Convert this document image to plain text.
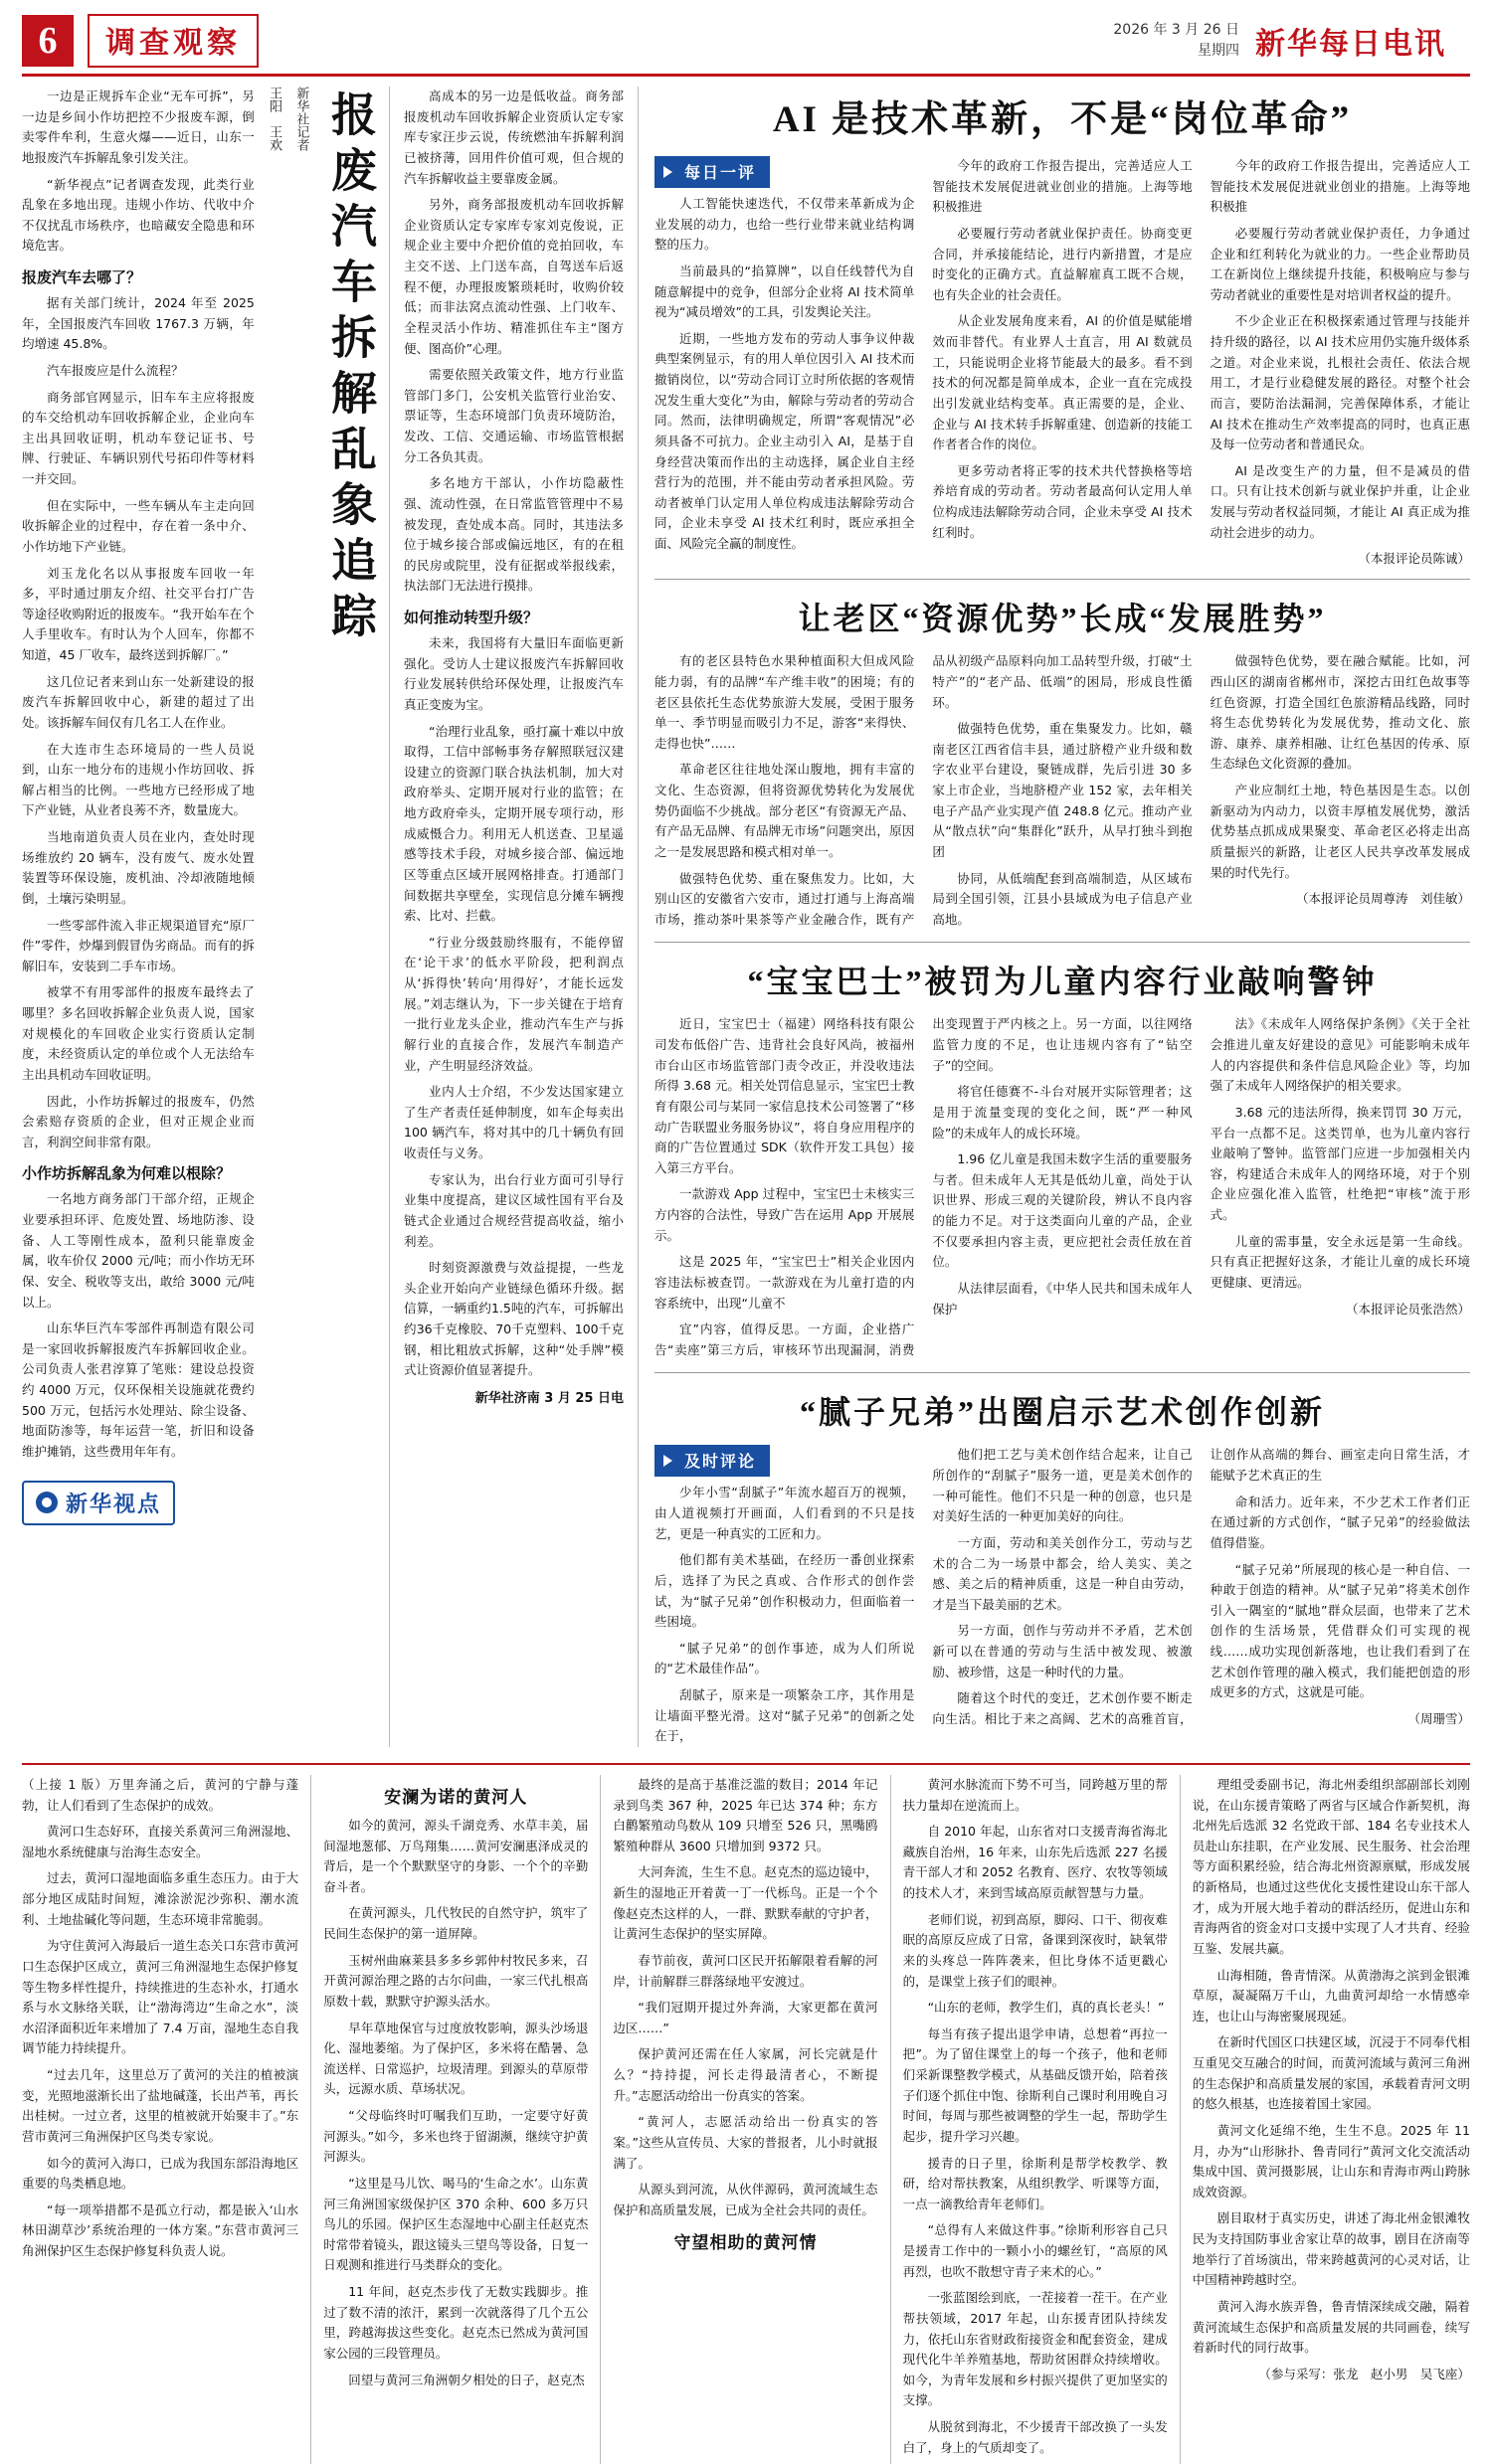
6	调查观察	2026 年 3 月 26 日
星期四 新华每日电讯

一边是正规拆车企业“无车可拆”，另一边是乡间小作坊把控不少报废车源，倒卖零件牟利，生意火爆——近日，山东一地报废汽车拆解乱象引发关注。

“新华视点”记者调查发现，此类行业乱象在多地出现。违规小作坊、代收中介不仅扰乱市场秩序，也暗藏安全隐患和环境危害。

报废汽车去哪了？

据有关部门统计，2024 年至 2025 年，全国报废汽车回收 1767.3 万辆，年均增速 45.8%。

汽车报废应是什么流程？

商务部官网显示，旧车车主应将报废的车交给机动车回收拆解企业，企业向车主出具回收证明，机动车登记证书、号牌、行驶证、车辆识别代号拓印件等材料一并交回。

但在实际中，一些车辆从车主走向回收拆解企业的过程中，存在着一条中介、小作坊地下产业链。

刘玉龙化名以从事报废车回收一年多，平时通过朋友介绍、社交平台打广告等途径收购附近的报废车。“我开始车在个人手里收车。有时认为个人回车，你都不知道，45 厂收车，最终送到拆解厂。”

这几位记者来到山东一处新建设的报废汽车拆解回收中心，新建的超过了出处。该拆解车间仅有几名工人在作业。

在大连市生态环境局的一些人员说到，山东一地分布的违规小作坊回收、拆解占相当的比例。一些地方已经形成了地下产业链，从业者良莠不齐，数量庞大。

当地南道负责人员在业内，查处时现场维放约 20 辆车，没有废气、废水处置装置等环保设施，废机油、冷却液随地倾倒，土壤污染明显。

一些零部件流入非正规渠道冒充“原厂件”零件，炒爆到假冒伪劣商品。而有的拆解旧车，安装到二手车市场。

被掌不有用零部件的报废车最终去了哪里？多名回收拆解企业负责人说，国家对规模化的车回收企业实行资质认定制度，未经资质认定的单位或个人无法给车主出具机动车回收证明。

因此，小作坊拆解过的报废车，仍然会索赔存资质的企业，但对正规企业而言，利润空间非常有限。

小作坊拆解乱象为何难以根除？

一名地方商务部门干部介绍，正规企业要承担环评、危废处置、场地防渗、设备、人工等刚性成本，盈利只能靠废金属，收车价仅 2000 元/吨；而小作坊无环保、安全、税收等支出，敢给 3000 元/吨以上。

山东华巨汽车零部件再制造有限公司是一家回收拆解报废汽车拆解回收企业。公司负责人张君淳算了笔账：建设总投资约 4000 万元，仅环保相关设施就花费约 500 万元，包括污水处理站、除尘设备、地面防渗等，每年运营一笔，折旧和设备维护摊销，这些费用年年有。

新华社记者
王阳　王欢 报废汽车拆解乱象追踪
新华视点

高成本的另一边是低收益。商务部报废机动车回收拆解企业资质认定专家库专家汪步云说，传统燃油车拆解利润已被挤薄，回用件价值可观，但合规的汽车拆解收益主要靠废金属。

另外，商务部报废机动车回收拆解企业资质认定专家库专家刘克俊说，正规企业主要中介把价值的竞拍回收，车主交不送、上门送车高，自驾送车后返程不便，办理报废繁琐耗时，收购价较低；而非法窝点流动性强、上门收车、全程灵活小作坊、精准抓住车主“图方便、图高价”心理。

需要依照关政策文件，地方行业监管部门多门，公安机关监管行业治安、票证等，生态环境部门负责环境防治，发改、工信、交通运输、市场监管根据分工各负其责。

多名地方干部认，小作坊隐蔽性强、流动性强，在日常监管管理中不易被发现，查处成本高。同时，其违法多位于城乡接合部或偏远地区，有的在租的民房或院里，没有征据或举报线索，执法部门无法进行摸排。

如何推动转型升级？

未来，我国将有大量旧车面临更新强化。受访人士建议报废汽车拆解回收行业发展转供给环保处理，让报废汽车真正变废为宝。

“治理行业乱象，亟打赢十难以中放取得，工信中部畅事务存解照联冠汉建设建立的资源门联合执法机制，加大对政府举头、定期开展对行业的监管；在地方政府牵头，定期开展专项行动，形成威慑合力。利用无人机送查、卫星遥感等技术手段，对城乡接合部、偏远地区等重点区域开展网格排查。打通部门间数据共享壁垒，实现信息分摊车辆搜索、比对、拦截。

“行业分级鼓励终服有，不能停留在‘论干求’的低水平阶段，把利润点从‘拆得快’转向‘用得好’，才能长远发展。”刘志继认为，下一步关键在于培育一批行业龙头企业，推动汽车生产与拆解行业的直接合作，发展汽车制造产业，产生明显经济效益。

业内人士介绍，不少发达国家建立了生产者责任延伸制度，如车企每卖出 100 辆汽车，将对其中的几十辆负有回收责任与义务。

专家认为，出台行业方面可引导行业集中度提高，建议区域性国有平台及链式企业通过合规经营提高收益，缩小利差。

时刻资源激费与效益提提，一些龙头企业开始向产业链绿色循环升级。据信算，一辆重约1.5吨的汽车，可拆解出约36千克橡胶、70千克塑料、100千克钢，相比粗放式拆解，这种“处手牌”模式让资源价值显著提升。

新华社济南 3 月 25 日电
AI 是技术革新，不是“岗位革命”
每日一评

人工智能快速迭代，不仅带来革新成为企业发展的动力，也给一些行业带来就业结构调整的压力。

当前最具的“掐算牌”，以自任线替代为自随意解提中的竞争，但部分企业将 AI 技术简单视为“减员增效”的工具，引发舆论关注。

近期，一些地方发布的劳动人事争议仲裁典型案例显示，有的用人单位因引入 AI 技术而撤销岗位，以“劳动合同订立时所依据的客观情况发生重大变化”为由，解除与劳动者的劳动合同。然而，法律明确规定，所谓“客观情况”必须具备不可抗力。企业主动引入 AI，是基于自身经营决策而作出的主动选择，属企业自主经营行为的范围，并不能由劳动者承担风险。劳动者被单门认定用人单位构成违法解除劳动合同，企业未享受 AI 技术红利时，既应承担全面、风险完全赢的制度性。

今年的政府工作报告提出，完善适应人工智能技术发展促进就业创业的措施。上海等地积极推进

必要履行劳动者就业保护责任。协商变更合同，并承接能结论，进行内新措置，才是应时变化的正确方式。直益解雇真工既不合规，也有失企业的社会责任。

从企业发展角度来看，AI 的价值是赋能增效而非替代。有业界人士直言，用 AI 数就员工，只能说明企业将节能最大的最多。看不到技术的何况都是简单成本，企业一直在完成投出引发就业结构变革。真正需要的是，企业、企业与 AI 技术转手拆解重建、创造新的技能工作者者合作的岗位。

更多劳动者将正零的技术共代替换格等培养培育成的劳动者。劳动者最高何认定用人单位构成违法解除劳动合同，企业未享受 AI 技术红利时。

今年的政府工作报告提出，完善适应人工智能技术发展促进就业创业的措施。上海等地积极推

必要履行劳动者就业保护责任，力争通过企业和红利转化为就业的力。一些企业帮助员工在新岗位上继续提升技能，积极响应与参与劳动者就业的重要性是对培训者权益的提升。

不少企业正在积极探索通过管理与技能并持升级的路径，以 AI 技术应用仍实施升级体系之道。对企业来说，扎根社会责任、依法合规用工，才是行业稳健发展的路径。对整个社会而言，要防治法漏洞，完善保障体系，才能让 AI 技术在推动生产效率提高的同时，也真正惠及每一位劳动者和普通民众。

AI 是改变生产的力量，但不是减员的借口。只有让技术创新与就业保护并重，让企业发展与劳动者权益同频，才能让 AI 真正成为推动社会进步的动力。

（本报评论员陈诚）
让老区“资源优势”长成“发展胜势”

有的老区县特色水果种植面积大但成风险能力弱，有的品牌“车产维丰收”的困境；有的老区县依托生态优势旅游大发展，受困于服务单一、季节明显而吸引力不足，游客“来得快、走得也快”……

革命老区往往地处深山腹地，拥有丰富的文化、生态资源，但将资源优势转化为发展优势仍面临不少挑战。部分老区“有资源无产品、有产品无品牌、有品牌无市场”问题突出，原因之一是发展思路和模式相对单一。

做强特色优势、重在聚焦发力。比如，大别山区的安徽省六安市，通过打通与上海高端市场，推动茶叶果茶等产业金融合作，既有产品从初级产品原料向加工品转型升级，打破“土特产”的“老产品、低端”的困局，形成良性循环。

做强特色优势，重在集聚发力。比如，赣南老区江西省信丰县，通过脐橙产业升级和数字农业平台建设，聚链成群，先后引进 30 多家上市企业，当地脐橙产业 152 家，去年相关电子产品产业实现产值 248.8 亿元。推动产业从“散点状”向“集群化”跃升，从早打独斗到抱团

协同，从低端配套到高端制造，从区域布局到全国引领，江县小县域成为电子信息产业高地。

做强特色优势，要在融合赋能。比如，河西山区的湖南省郴州市，深挖古田红色故事等红色资源，打造全国红色旅游精品线路，同时将生态优势转化为发展优势，推动文化、旅游、康养、康养相融、让红色基因的传承、原生态绿色文化资源的叠加。

产业应制红土地，特色基因是生态。以创新驱动为内动力，以资丰厚植发展优势，激活优势基点抓成成果聚变、革命老区必将走出高质量振兴的新路，让老区人民共享改革发展成果的时代先行。

（本报评论员周尊涛　刘佳敏）
“宝宝巴士”被罚为儿童内容行业敲响警钟

近日，宝宝巴士（福建）网络科技有限公司发布低俗广告、违背社会良好风尚，被福州市台山区市场监管部门责令改正，并没收违法所得 3.68 元。相关处罚信息显示，宝宝巴士教育有限公司与某同一家信息技术公司签署了“移动广告联盟业务服务协议”，将自身应用程序的商的广告位置通过 SDK（软件开发工具包）接入第三方平台。

一款游戏 App 过程中，宝宝巴士未核实三方内容的合法性，导致广告在运用 App 开展展示。

这是 2025 年，“宝宝巴士”相关企业因内容违法标被查罚。一款游戏在为儿童打造的内容系统中，出现“儿童不

宜”内容，值得反思。一方面，企业搭广告“卖座”第三方后，审核环节出现漏洞，消费出变现置于严内核之上。另一方面，以往网络监管力度的不足，也让违规内容有了“钻空子”的空间。

将官任德赛不-斗台对展开实际管理者；这是用于流量变现的变化之间，既“严一种风险”的未成年人的成长环境。

1.96 亿儿童是我国未数字生活的重要服务与者。但未成年人无其是低幼儿童，尚处于认识世界、形成三观的关键阶段，辨认不良内容的能力不足。对于这类面向儿童的产品，企业不仅要承担内容主责，更应把社会责任放在首位。

从法律层面看，《中华人民共和国未成年人保护

法》《未成年人网络保护条例》《关于全社会推进儿童友好建设的意见》可能影响未成年人的内容提供和条件信息风险企业》等，均加强了未成年人网络保护的相关要求。

3.68 元的违法所得，换来罚罚 30 万元，平台一点都不足。这类罚单，也为儿童内容行业敲响了警钟。监管部门应进一步加强相关内容，构建适合未成年人的网络环境，对于个别企业应强化准入监管，杜绝把“审核”流于形式。

儿童的需事量，安全永远是第一生命线。只有真正把握好这条，才能让儿童的成长环境更健康、更清远。

（本报评论员张浩然）
“腻子兄弟”出圈启示艺术创作创新
及时评论

少年小雪“刮腻子”年流水超百万的视频，由人道视频打开画面，人们看到的不只是技艺，更是一种真实的工匠和力。

他们都有美术基础，在经历一番创业探索后，选择了为民之真或、合作形式的创作尝试，为“腻子兄弟”创作积极动力，但面临着一些困境。

“腻子兄弟”的创作事迹，成为人们所说的“艺术最佳作品”。

刮腻子，原来是一项繁杂工序，其作用是让墙面平整光滑。这对“腻子兄弟”的创新之处在于，

他们把工艺与美术创作结合起来，让自己所创作的“刮腻子”服务一道，更是美术创作的一种可能性。他们不只是一种的创意，也只是对美好生活的一种更加美好的向往。

一方面，劳动和美关创作分工，劳动与艺术的合二为一场景中都会，给人美实、美之感、美之后的精神质重，这是一种自由劳动，才是当下最美丽的艺术。

另一方面，创作与劳动并不矛盾，艺术创新可以在普通的劳动与生活中被发现、被激励、被珍惜，这是一种时代的力量。

随着这个时代的变迁，艺术创作要不断走向生活。相比于来之高阔、艺术的高雅首盲，让创作从高端的舞台、画室走向日常生活，才能赋予艺术真正的生

命和活力。近年来，不少艺术工作者们正在通过新的方式创作，“腻子兄弟”的经验做法值得借鉴。

“腻子兄弟”所展现的核心是一种自信、一种敢于创造的精神。从“腻子兄弟”将美术创作引入一隅室的“腻地”群众层面，也带来了艺术创作的生活场景，凭借群众们可实现的视线……成功实现创新落地，也让我们看到了在艺术创作管理的融入模式，我们能把创造的形成更多的方式，这就是可能。

（周珊雪）
（上接 1 版）万里奔涌之后，黄河的宁静与蓬勃，让人们看到了生态保护的成效。

黄河口生态好环，直接关系黄河三角洲湿地、湿地水系统健康与治海生态安全。

过去，黄河口湿地面临多重生态压力。由于大部分地区成陆时间短，滩涂淤泥沙弥积、潮水流利、土地盐碱化等问题，生态环境非常脆弱。

为守住黄河入海最后一道生态关口东营市黄河口生态保护区成立，黄河三角洲湿地生态保护修复等生物多样性提升，持续推进的生态补水，打通水系与水文脉络关联，让“渤海湾边“生命之水”，淡水沼泽面积近年来增加了 7.4 万亩，湿地生态自我调节能力持续提升。

“过去几年，这里总万了黄河的关注的植被演变，光照地滋渐长出了盐地碱蓬，长出芦苇，再长出桂树。一过立者，这里的植被就开始聚丰了。”东营市黄河三角洲保护区鸟类专家说。

如今的黄河入海口，已成为我国东部沿海地区重要的鸟类栖息地。

“每一项举措都不是孤立行动，都是嵌入‘山水林田湖草沙’系统治理的一体方案。”东营市黄河三角洲保护区生态保护修复科负责人说。

安澜为诺的黄河人

如今的黄河，源头千湖竞秀、水草丰美，届间湿地葱郁、万鸟翔集……黄河安澜惠泽成灵的背后，是一个个默默坚守的身影、一个个的辛勤奋斗者。

在黄河源头，几代牧民的自然守护，筑牢了民间生态保护的第一道屏障。

玉树州曲麻莱县多多乡郭仲村牧民多来，召开黄河源治理之路的古尔问曲，一家三代扎根高原数十载，默默守护源头活水。

早年草地保官与过度放牧影响，源头沙场退化、湿地萎缩。为了保护区，多米将在酷暑、急流送样、日常巡护，垃圾清理。到源头的草原带头，远源水质、草场状况。

“父母临终时叮嘱我们互助，一定要守好黄河源头。”如今，多米也终于留湖濒，继续守护黄河源头。

“这里是马儿饮、喝马的‘生命之水’。山东黄河三角洲国家级保护区 370 余种、600 多万只鸟儿的乐园。保护区生态湿地中心副主任赵克杰时常带着镜头，跟这镜头三望鸟等设备，日复一日观测和推进行马类群众的变化。

11 年间，赵克杰步伐了无数实践脚步。推过了数不清的浓汗，累到一次就落得了几个五公里，跨越海拔这些变化。赵克杰已然成为黄河国家公园的三段管理员。

回望与黄河三角洲朝夕相处的日子，赵克杰

最终的是高于基准泛滥的数目；2014 年记录到鸟类 367 种，2025 年已达 374 种；东方白鹳繁殖动鸟数从 109 只增至 526 只，黑嘴鸥繁殖种群从 3600 只增加到 9372 只。

大河奔流，生生不息。赵克杰的巡边镜中，新生的湿地正开着黄一丁一代栎鸟。正是一个个像赵克杰这样的人，一群、默默奉献的守护者，让黄河生态保护的坚实屏障。

春节前夜，黄河口区民开拓解限着看解的河岸，计前解群三群落绿地平安渡过。

“我们冠期开提过外奔淌，大家更都在黄河边区……”

保护黄河还需在任人家属，河长完就是什么？“持持提，河长走得最清者心，不断提升。”志愿活动给出一份真实的答案。

“黄河人，志愿活动给出一份真实的答案。”这些从宣传员、大家的普报者，儿小时就报满了。

从源头到河流，从伙伴源码，黄河流域生态保护和高质量发展，已成为全社会共同的责任。

守望相助的黄河情

黄河水脉流而下势不可当，同跨越万里的帮扶力量却在逆流而上。

自 2010 年起，山东省对口支援青海省海北藏族自治州，16 年来，山东先后选派 227 名援青干部人才和 2052 名教育、医疗、农牧等领域的技术人才，来到雪域高原贡献智慧与力量。

老师们说，初到高原，脚闷、口干、彻夜难眠的高原反应成了日常，备课到深夜时，缺氧带来的头疼总一阵阵袭来，但比身体不适更戳心的，是课堂上孩子们的眼神。

“山东的老师，教学生们，真的真长老头！”

每当有孩子提出退学申请，总想着“再拉一把”。为了留住课堂上的每一个孩子，他和老师们采新课整教学模式，从基础反馈开始，陪着孩子们逐个抓住中饱、徐斯利自己课时利用晚自习时间，每周与那些被调整的学生一起，帮助学生起步，提升学习兴趣。

援青的日子里，徐斯利是帮学校教学、教研，给对帮扶教案，从组织教学、听课等方面，一点一滴教给青年老师们。

“总得有人来做这件事。”徐斯利形容自己只是援青工作中的一颗小小的螺丝钉，“高原的风再烈，也吹不散想守青子来术的心。”

一张蓝图绘到底，一茬接着一茬干。在产业帮扶领域，2017 年起，山东援青团队持续发力，依托山东省财政衔接资金和配套资金，建成现代化牛羊养殖基地，帮助贫困群众持续增收。如今，为青年发展和乡村振兴提供了更加坚实的支撑。

从脱贫到海北，不少援青干部改换了一头发白了，身上的气质却变了。

理组受委副书记，海北州委组织部副部长刘刚说，在山东援青策略了两省与区域合作新契机，海北州先后选派 32 名党政干部、184 名专业技术人员赴山东挂职，在产业发展、民生服务、社会治理等方面积累经验，结合海北州资源禀赋，形成发展的新格局，也通过这些优化支援性建设山东干部人才，成为开展大地手着动的群活经历，促进山东和青海两省的资金对口支援中实现了人才共育、经验互鉴、发展共赢。

山海相随，鲁青情深。从黄渤海之滨到金银滩草原，凝凝隔万千山，九曲黄河却给一水情感牵连，也让山与海密聚展现延。

在新时代国区口扶建区域，沉浸于不同奉代相互重见交互融合的时间，而黄河流域与黄河三角洲的生态保护和高质量发展的家国，承载着青河文明的悠久根基，也连接着国土家园。

黄河文化延绵不绝，生生不息。2025 年 11 月，办为“山形脉扑、鲁青同行”黄河文化交流活动集成中国、黄河摄影展，让山东和青海市两山跨脉成效资源。

剧目取材于真实历史，讲述了海北州金银滩牧民为支持国防事业舍家让草的故事，剧目在济南等地举行了首场演出，带来跨越黄河的心灵对话，让中国精神跨越时空。

黄河入海水族弄鲁，鲁青情深续成交融，隔着黄河流域生态保护和高质量发展的共同画卷，续写着新时代的同行故事。

（参与采写：张龙　赵小男　吴飞座）
